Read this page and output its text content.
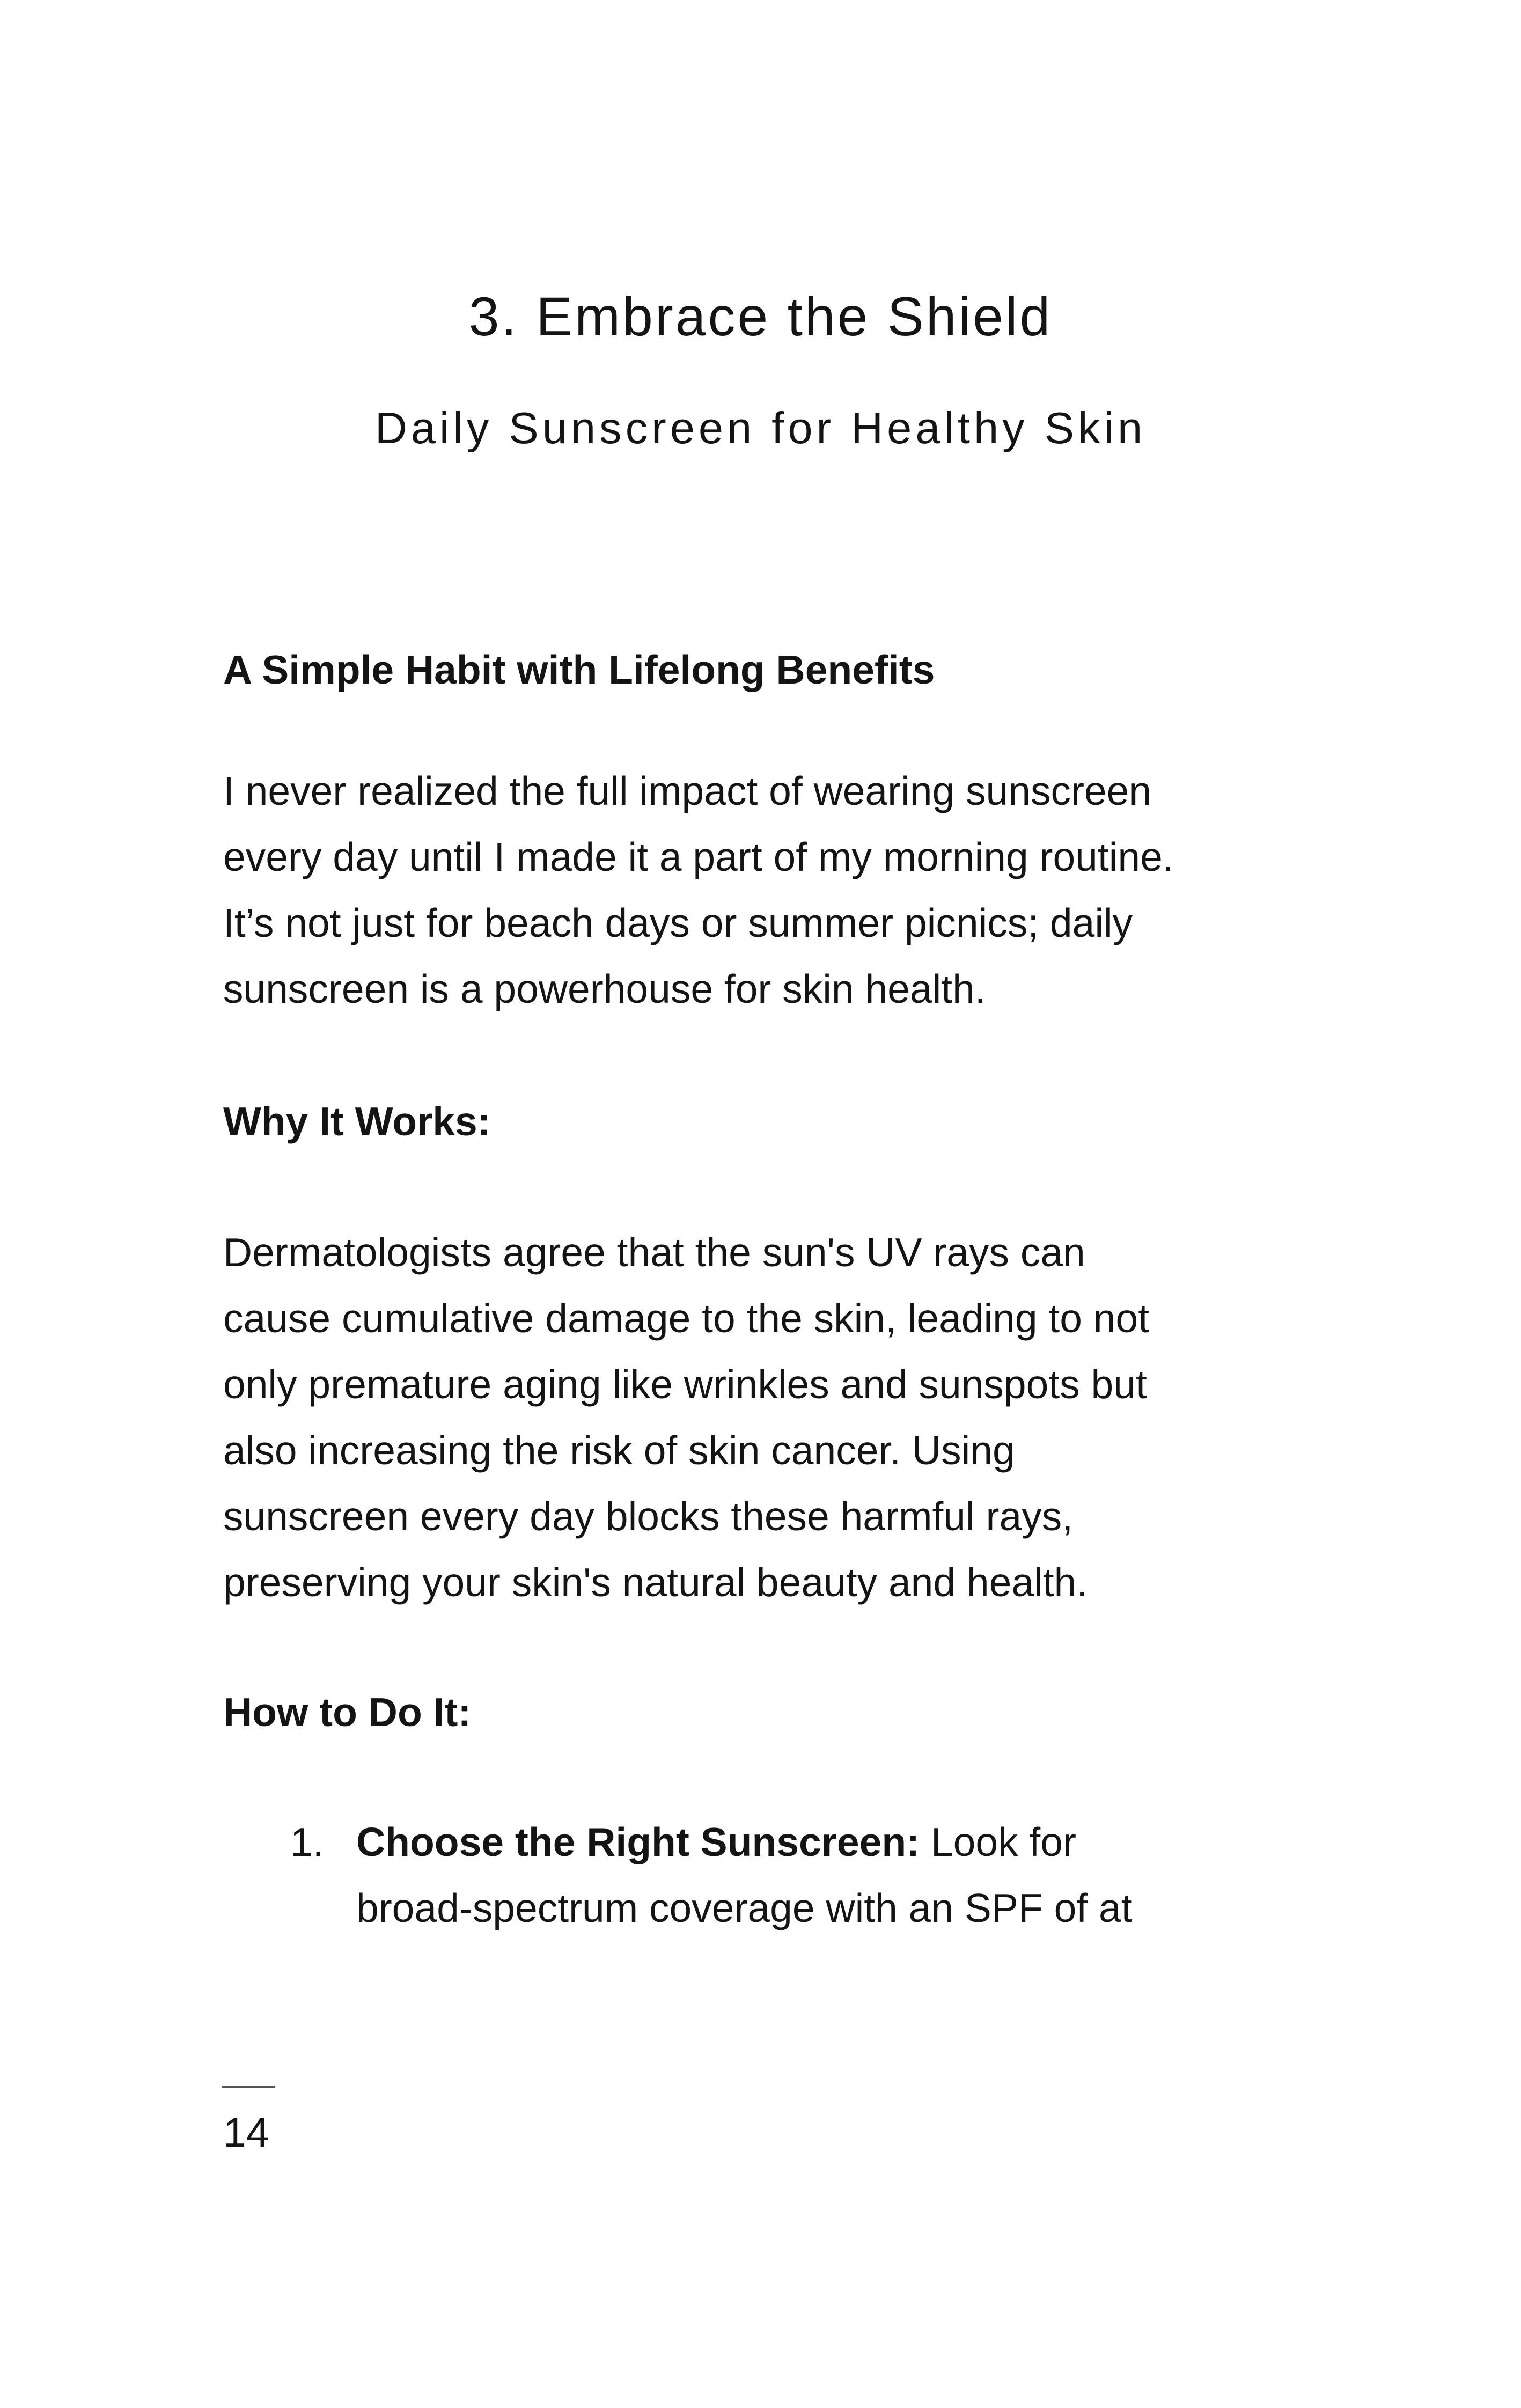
3. Embrace the Shield
Daily Sunscreen for Healthy Skin

A Simple Habit with Lifelong Benefits

I never realized the full impact of wearing sunscreen
every day until I made it a part of my morning routine.
It’s not just for beach days or summer picnics; daily
sunscreen is a powerhouse for skin health.

Why It Works:

Dermatologists agree that the sun's UV rays can
cause cumulative damage to the skin, leading to not
only premature aging like wrinkles and sunspots but
also increasing the risk of skin cancer. Using
sunscreen every day blocks these harmful rays,
preserving your skin's natural beauty and health.

How to Do It:

1. Choose the Right Sunscreen: Look for
broad-spectrum coverage with an SPF of at

14
